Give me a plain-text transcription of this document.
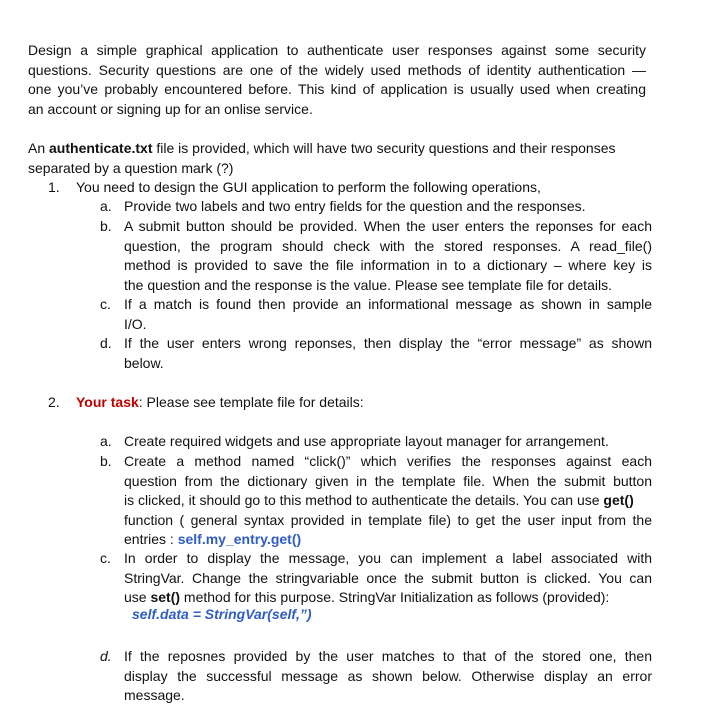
Design a simple graphical application to authenticate user responses against some security
questions. Security questions are one of the widely used methods of identity authentication —
one you’ve probably encountered before. This kind of application is usually used when creating
an account or signing up for an onlise service.
An authenticate.txt file is provided, which will have two security questions and their responses
separated by a question mark (?)
1. You need to design the GUI application to perform the following operations,
a. Provide two labels and two entry fields for the question and the responses.
b. A submit button should be provided. When the user enters the reponses for each
question, the program should check with the stored responses. A read_file()
method is provided to save the file information in to a dictionary – where key is
the question and the response is the value. Please see template file for details.
c. If a match is found then provide an informational message as shown in sample
I/O.
d. If the user enters wrong reponses, then display the “error message” as shown
below.
2. Your task: Please see template file for details:
a. Create required widgets and use appropriate layout manager for arrangement.
b. Create a method named “click()” which verifies the responses against each
question from the dictionary given in the template file. When the submit button
is clicked, it should go to this method to authenticate the details. You can use get()
function ( general syntax provided in template file) to get the user input from the
entries : self.my_entry.get()
c. In order to display the message, you can implement a label associated with
StringVar. Change the stringvariable once the submit button is clicked. You can
use set() method for this purpose. StringVar Initialization as follows (provided):
self.data = StringVar(self,”)
d. If the reposnes provided by the user matches to that of the stored one, then
display the successful message as shown below. Otherwise display an error
message.
